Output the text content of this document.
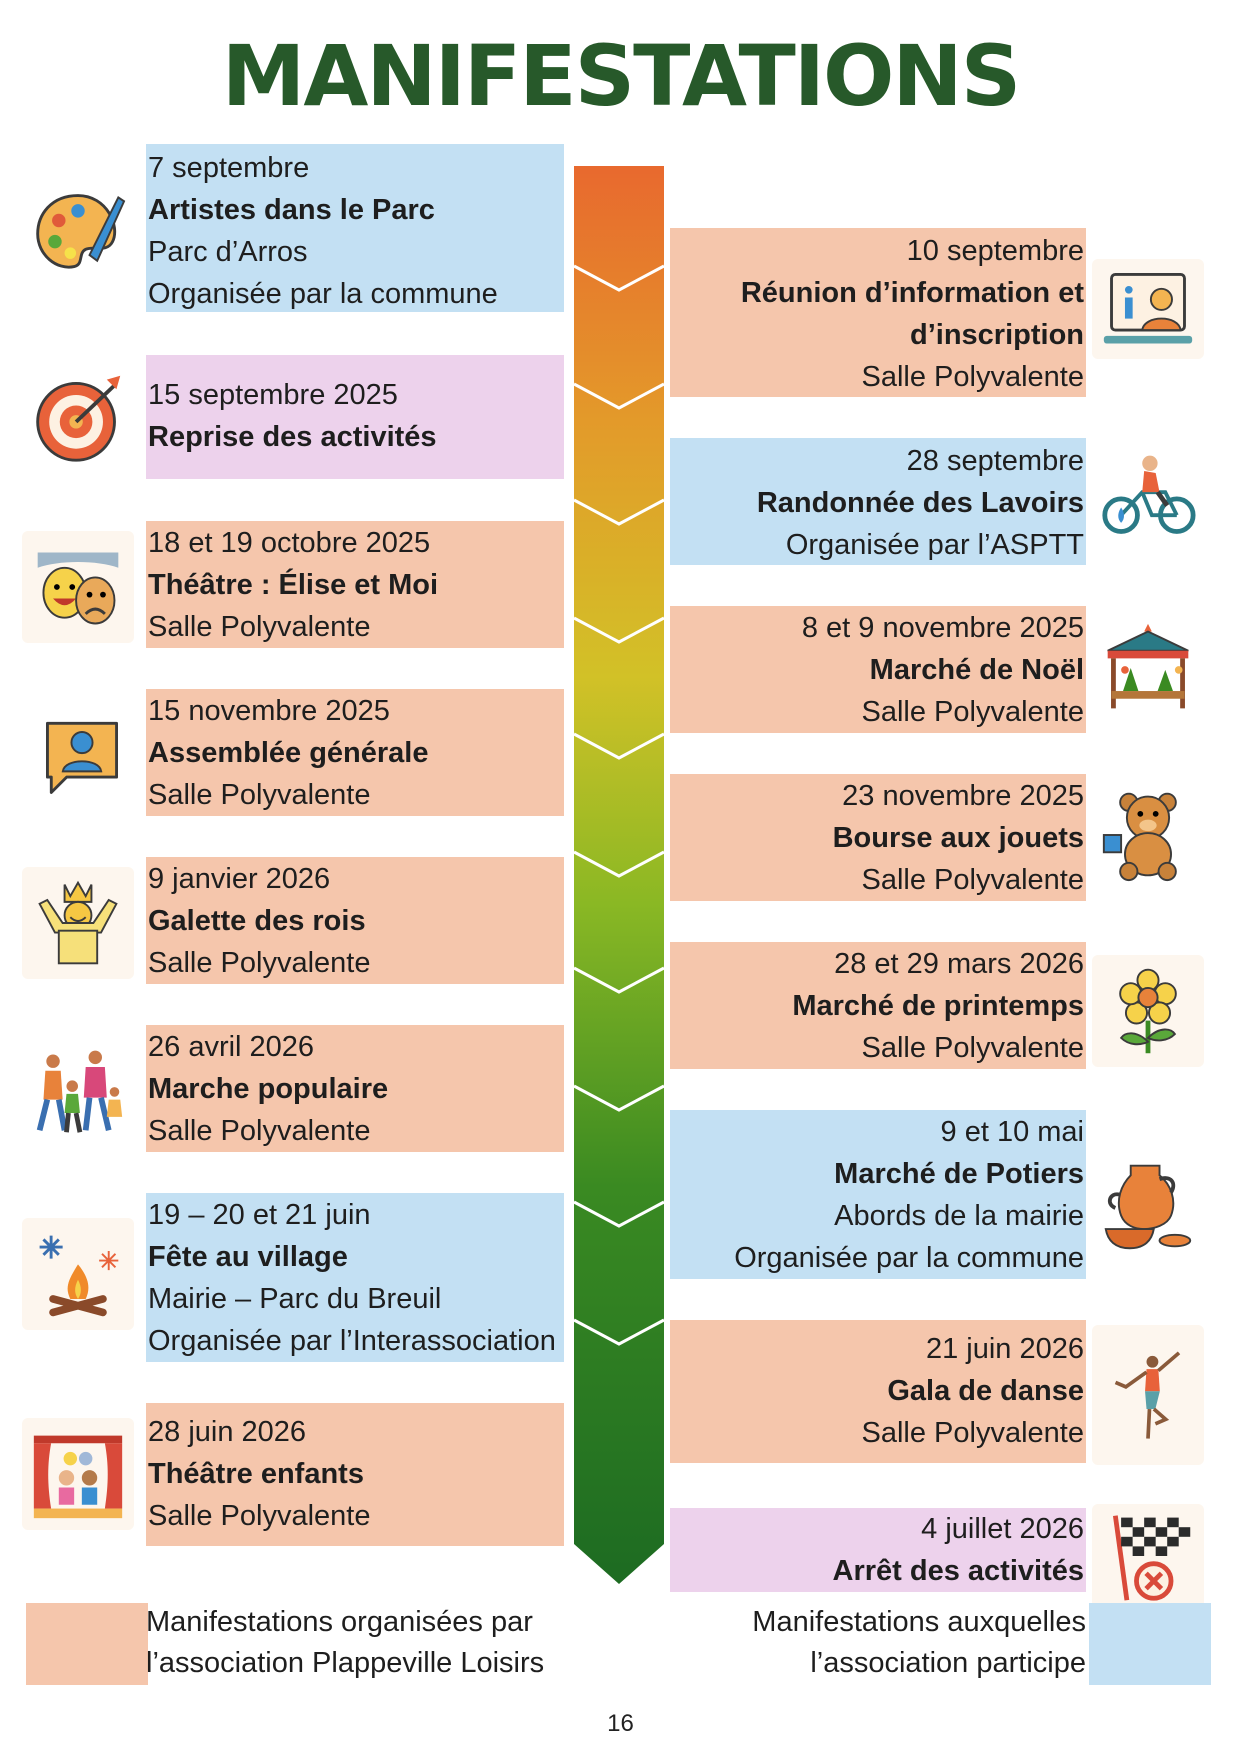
MANIFESTATIONS
7 septembre
Artistes dans le Parc
Parc d’Arros
Organisée par la commune
15 septembre 2025
Reprise des activités
18 et 19 octobre 2025
Théâtre : Élise et Moi
Salle Polyvalente
15 novembre 2025
Assemblée générale
Salle Polyvalente
9 janvier 2026
Galette des rois
Salle Polyvalente
26 avril 2026
Marche populaire
Salle Polyvalente
19 – 20 et 21 juin
Fête au village
Mairie – Parc du Breuil
Organisée par l’Interassociation
28 juin 2026
Théâtre enfants
Salle Polyvalente
10 septembre
Réunion d’information et
d’inscription
Salle Polyvalente
28 septembre
Randonnée des Lavoirs
Organisée par l’ASPTT
8 et 9 novembre 2025
Marché de Noël
Salle Polyvalente
23 novembre 2025
Bourse aux jouets
Salle Polyvalente
28 et 29 mars 2026
Marché de printemps
Salle Polyvalente
9 et 10 mai
Marché de Potiers
Abords de la mairie
Organisée par la commune
21 juin 2026
Gala de danse
Salle Polyvalente
4 juillet 2026
Arrêt des activités
Manifestations organisées par
l’association Plappeville Loisirs
Manifestations auxquelles
l’association participe
16
